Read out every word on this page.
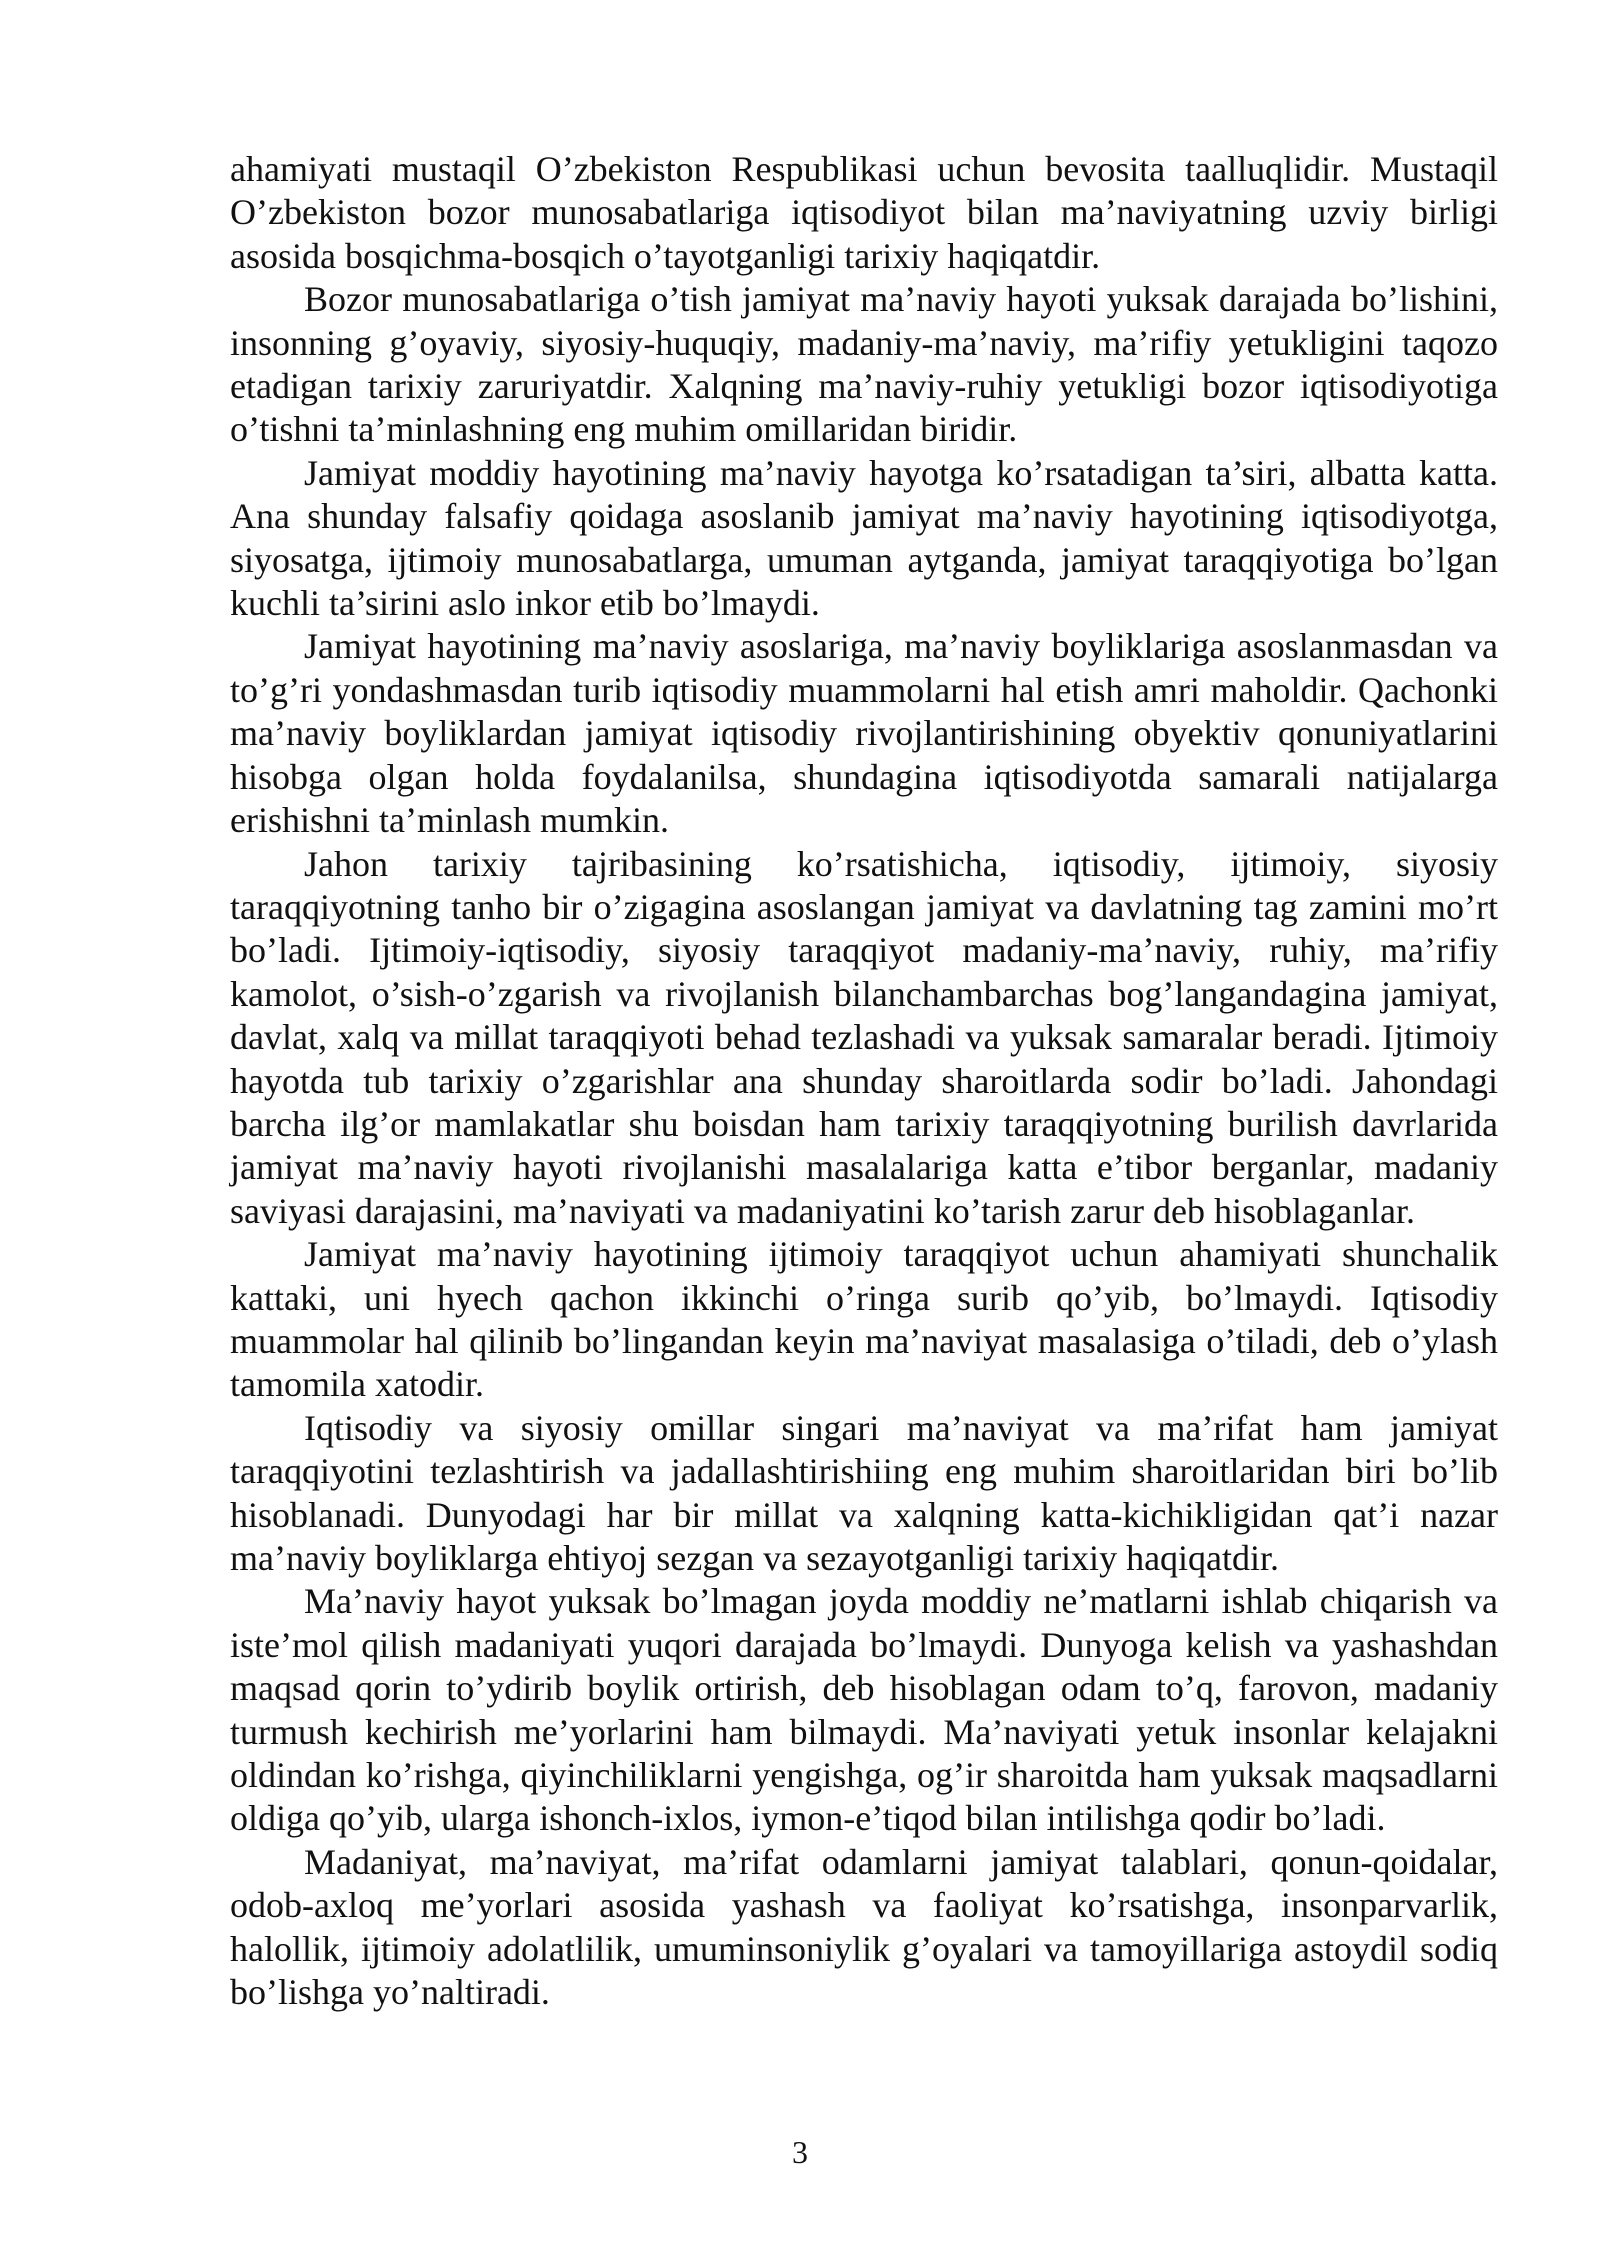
ahamiyati mustaqil O’zbekiston Respublikasi uchun bevosita taalluqlidir. Mustaqil O’zbekiston bozor munosabatlariga iqtisodiyot bilan ma’naviyatning uzviy birligi asosida bosqichma-bosqich o’tayotganligi tarixiy haqiqatdir.

Bozor munosabatlariga o’tish jamiyat ma’naviy hayoti yuksak darajada bo’lishini, insonning g’oyaviy, siyosiy-huquqiy, madaniy-ma’naviy, ma’rifiy yetukligini taqozo etadigan tarixiy zaruriyatdir. Xalqning ma’naviy-ruhiy yetukligi bozor iqtisodiyotiga o’tishni ta’minlashning eng muhim omillaridan biridir.

Jamiyat moddiy hayotining ma’naviy hayotga ko’rsatadigan ta’siri, albatta katta. Ana shunday falsafiy qoidaga asoslanib jamiyat ma’naviy hayotining iqtisodiyotga, siyosatga, ijtimoiy munosabatlarga, umuman aytganda, jamiyat taraqqiyotiga bo’lgan kuchli ta’sirini aslo inkor etib bo’lmaydi.

Jamiyat hayotining ma’naviy asoslariga, ma’naviy boyliklariga asoslanmasdan va to’g’ri yondashmasdan turib iqtisodiy muammolarni hal etish amri maholdir. Qachonki ma’naviy boyliklardan jamiyat iqtisodiy rivojlantirishining obyektiv qonuniyatlarini hisobga olgan holda foydalanilsa, shundagina iqtisodiyotda samarali natijalarga erishishni ta’minlash mumkin.

Jahon tarixiy tajribasining ko’rsatishicha, iqtisodiy, ijtimoiy, siyosiy taraqqiyotning tanho bir o’zigagina asoslangan jamiyat va davlatning tag zamini mo’rt bo’ladi. Ijtimoiy-iqtisodiy, siyosiy taraqqiyot madaniy-ma’naviy, ruhiy, ma’rifiy kamolot, o’sish-o’zgarish va rivojlanish bilanchambarchas bog’langandagina jamiyat, davlat, xalq va millat taraqqiyoti behad tezlashadi va yuksak samaralar beradi. Ijtimoiy hayotda tub tarixiy o’zgarishlar ana shunday sharoitlarda sodir bo’ladi. Jahondagi barcha ilg’or mamlakatlar shu boisdan ham tarixiy taraqqiyotning burilish davrlarida jamiyat ma’naviy hayoti rivojlanishi masalalariga katta e’tibor berganlar, madaniy saviyasi darajasini, ma’naviyati va madaniyatini ko’tarish zarur deb hisoblaganlar.

Jamiyat ma’naviy hayotining ijtimoiy taraqqiyot uchun ahamiyati shunchalik kattaki, uni hyech qachon ikkinchi o’ringa surib qo’yib, bo’lmaydi. Iqtisodiy muammolar hal qilinib bo’lingandan keyin ma’naviyat masalasiga o’tiladi, deb o’ylash tamomila xatodir.

Iqtisodiy va siyosiy omillar singari ma’naviyat va ma’rifat ham jamiyat taraqqiyotini tezlashtirish va jadallashtirishiing eng muhim sharoitlaridan biri bo’lib hisoblanadi. Dunyodagi har bir millat va xalqning katta-kichikligidan qat’i nazar ma’naviy boyliklarga ehtiyoj sezgan va sezayotganligi tarixiy haqiqatdir.

Ma’naviy hayot yuksak bo’lmagan joyda moddiy ne’matlarni ishlab chiqarish va iste’mol qilish madaniyati yuqori darajada bo’lmaydi. Dunyoga kelish va yashashdan maqsad qorin to’ydirib boylik ortirish, deb hisoblagan odam to’q, farovon, madaniy turmush kechirish me’yorlarini ham bilmaydi. Ma’naviyati yetuk insonlar kelajakni oldindan ko’rishga, qiyinchiliklarni yengishga, og’ir sharoitda ham yuksak maqsadlarni oldiga qo’yib, ularga ishonch-ixlos, iymon-e’tiqod bilan intilishga qodir bo’ladi.

Madaniyat, ma’naviyat, ma’rifat odamlarni jamiyat talablari, qonun-qoidalar, odob-axloq me’yorlari asosida yashash va faoliyat ko’rsatishga, insonparvarlik, halollik, ijtimoiy adolatlilik, umuminsoniylik g’oyalari va tamoyillariga astoydil sodiq bo’lishga yo’naltiradi.

3
